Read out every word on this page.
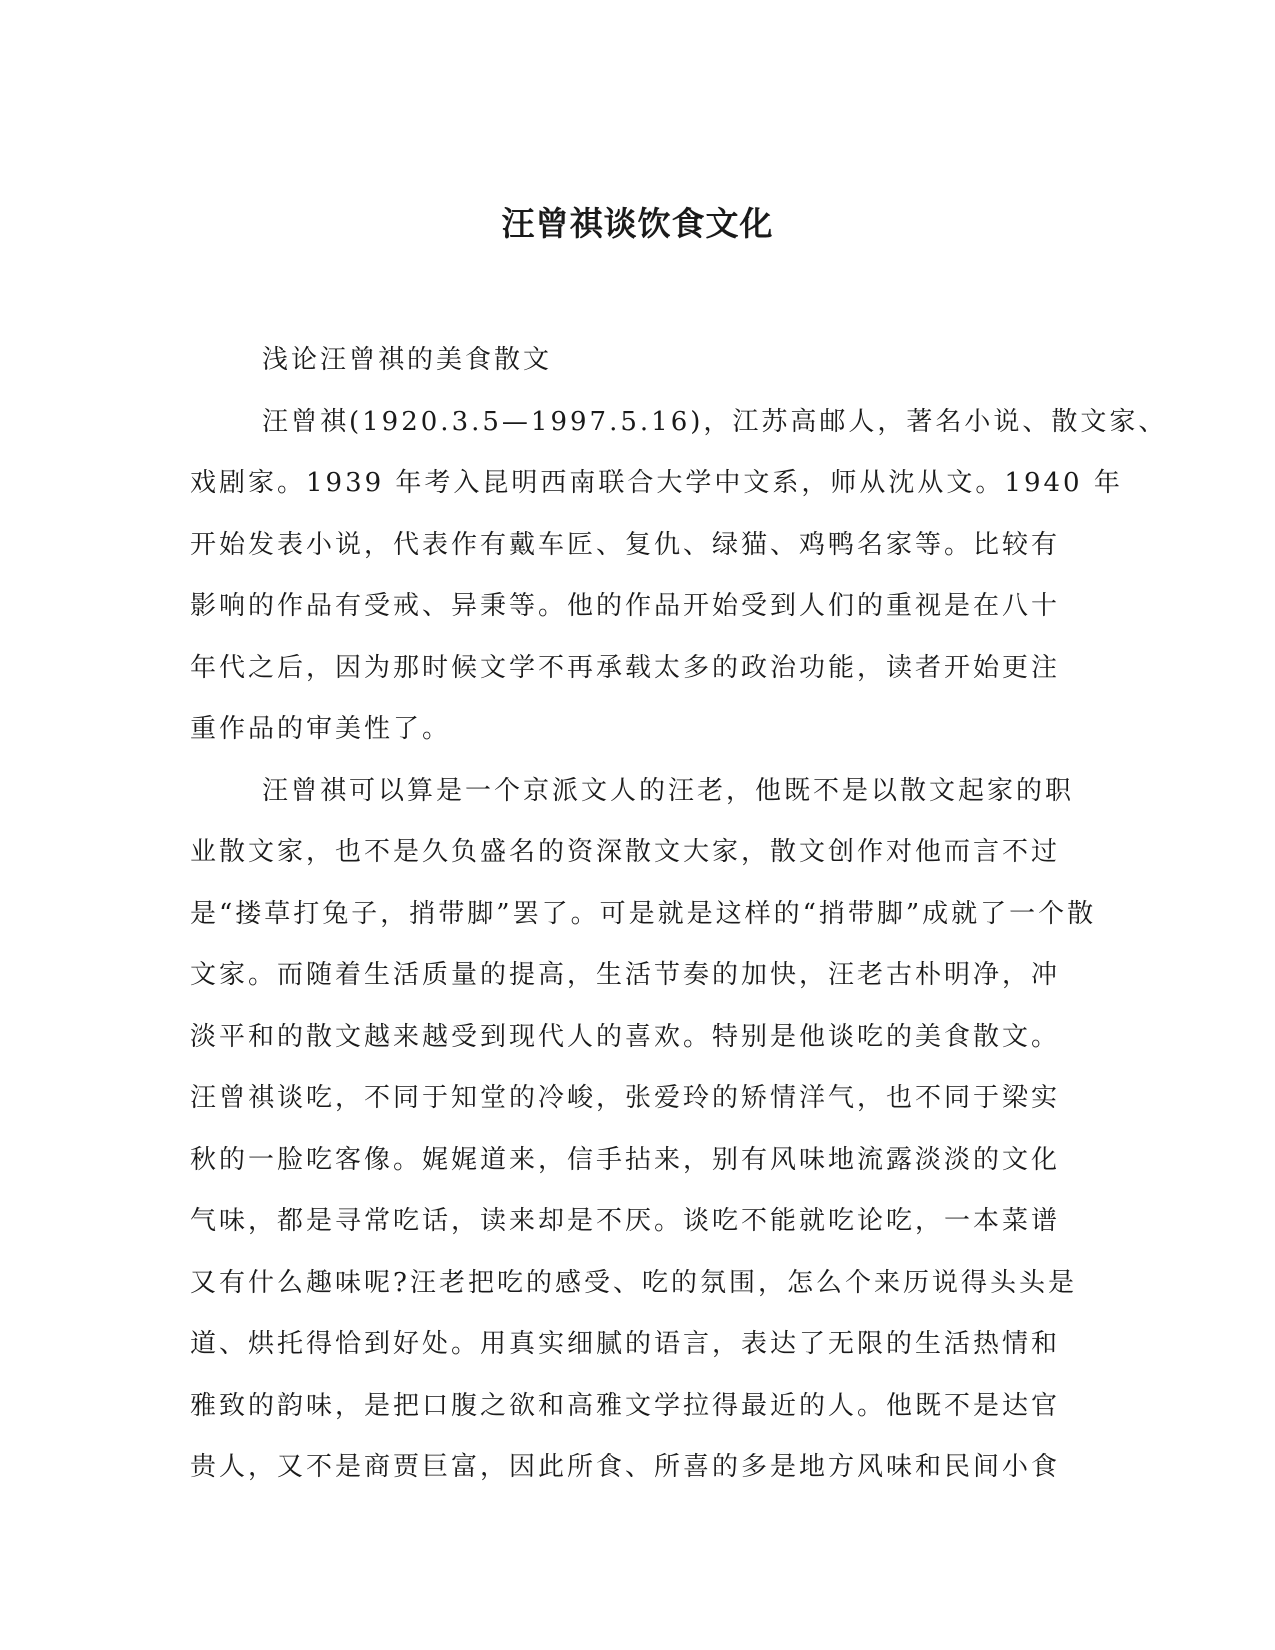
汪曾祺谈饮食文化
浅论汪曾祺的美食散文
汪曾祺(1920.3.5—1997.5.16)，江苏高邮人，著名小说、散文家、
戏剧家。1939 年考入昆明西南联合大学中文系，师从沈从文。1940 年
开始发表小说，代表作有戴车匠、复仇、绿猫、鸡鸭名家等。比较有
影响的作品有受戒、异秉等。他的作品开始受到人们的重视是在八十
年代之后，因为那时候文学不再承载太多的政治功能，读者开始更注
重作品的审美性了。
汪曾祺可以算是一个京派文人的汪老，他既不是以散文起家的职
业散文家，也不是久负盛名的资深散文大家，散文创作对他而言不过
是“搂草打兔子，捎带脚”罢了。可是就是这样的“捎带脚”成就了一个散
文家。而随着生活质量的提高，生活节奏的加快，汪老古朴明净，冲
淡平和的散文越来越受到现代人的喜欢。特别是他谈吃的美食散文。
汪曾祺谈吃，不同于知堂的冷峻，张爱玲的矫情洋气，也不同于梁实
秋的一脸吃客像。娓娓道来，信手拈来，别有风味地流露淡淡的文化
气味，都是寻常吃话，读来却是不厌。谈吃不能就吃论吃，一本菜谱
又有什么趣味呢?汪老把吃的感受、吃的氛围，怎么个来历说得头头是
道、烘托得恰到好处。用真实细腻的语言，表达了无限的生活热情和
雅致的韵味，是把口腹之欲和高雅文学拉得最近的人。他既不是达官
贵人，又不是商贾巨富，因此所食、所喜的多是地方风味和民间小食
